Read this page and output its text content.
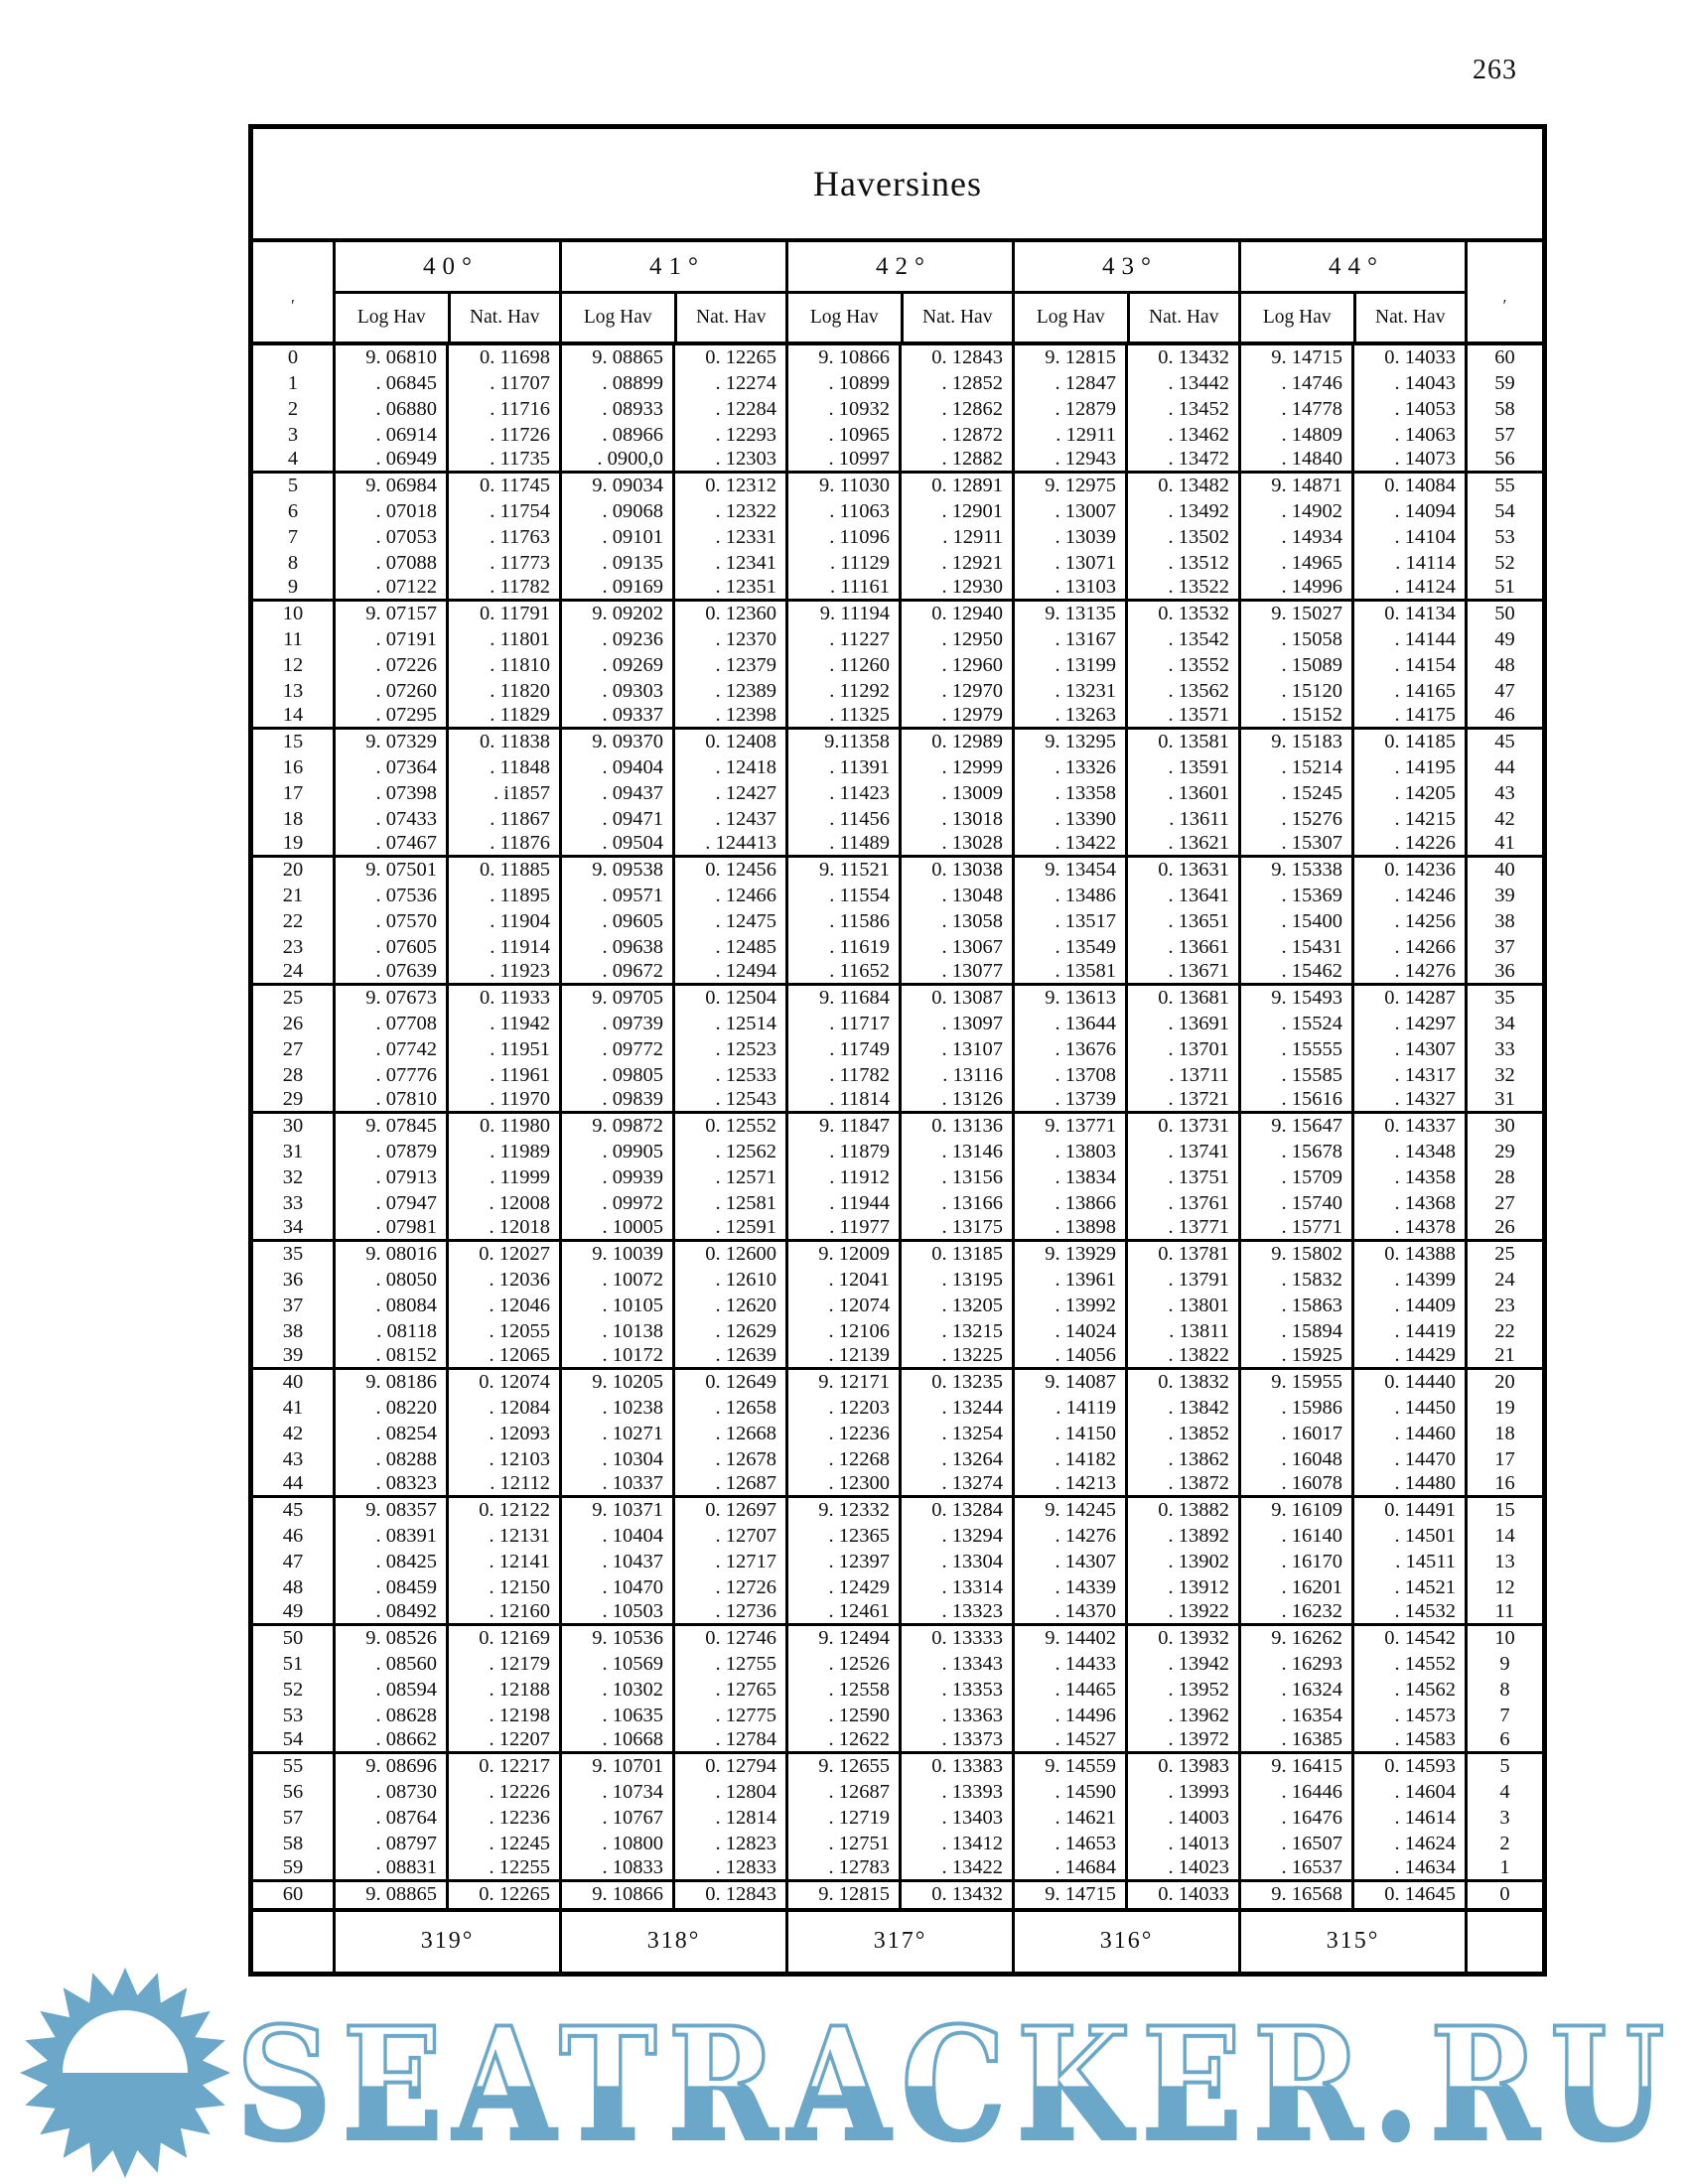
263
Haversines
′
40°
Log Hav	Nat. Hav
41°
Log Hav	Nat. Hav
42°
Log Hav	Nat. Hav
43°
Log Hav	Nat. Hav
44°
Log Hav	Nat. Hav
′
0	9. 06810	0. 11698	9. 08865	0. 12265	9. 10866	0. 12843	9. 12815	0. 13432	9. 14715	0. 14033	60
1	. 06845	. 11707	. 08899	. 12274	. 10899	. 12852	. 12847	. 13442	. 14746	. 14043	59
2	. 06880	. 11716	. 08933	. 12284	. 10932	. 12862	. 12879	. 13452	. 14778	. 14053	58
3	. 06914	. 11726	. 08966	. 12293	. 10965	. 12872	. 12911	. 13462	. 14809	. 14063	57
4	. 06949	. 11735	. 0900,0	. 12303	. 10997	. 12882	. 12943	. 13472	. 14840	. 14073	56
5	9. 06984	0. 11745	9. 09034	0. 12312	9. 11030	0. 12891	9. 12975	0. 13482	9. 14871	0. 14084	55
6	. 07018	. 11754	. 09068	. 12322	. 11063	. 12901	. 13007	. 13492	. 14902	. 14094	54
7	. 07053	. 11763	. 09101	. 12331	. 11096	. 12911	. 13039	. 13502	. 14934	. 14104	53
8	. 07088	. 11773	. 09135	. 12341	. 11129	. 12921	. 13071	. 13512	. 14965	. 14114	52
9	. 07122	. 11782	. 09169	. 12351	. 11161	. 12930	. 13103	. 13522	. 14996	. 14124	51
10	9. 07157	0. 11791	9. 09202	0. 12360	9. 11194	0. 12940	9. 13135	0. 13532	9. 15027	0. 14134	50
11	. 07191	. 11801	. 09236	. 12370	. 11227	. 12950	. 13167	. 13542	. 15058	. 14144	49
12	. 07226	. 11810	. 09269	. 12379	. 11260	. 12960	. 13199	. 13552	. 15089	. 14154	48
13	. 07260	. 11820	. 09303	. 12389	. 11292	. 12970	. 13231	. 13562	. 15120	. 14165	47
14	. 07295	. 11829	. 09337	. 12398	. 11325	. 12979	. 13263	. 13571	. 15152	. 14175	46
15	9. 07329	0. 11838	9. 09370	0. 12408	9.11358	0. 12989	9. 13295	0. 13581	9. 15183	0. 14185	45
16	. 07364	. 11848	. 09404	. 12418	. 11391	. 12999	. 13326	. 13591	. 15214	. 14195	44
17	. 07398	. i1857	. 09437	. 12427	. 11423	. 13009	. 13358	. 13601	. 15245	. 14205	43
18	. 07433	. 11867	. 09471	. 12437	. 11456	. 13018	. 13390	. 13611	. 15276	. 14215	42
19	. 07467	. 11876	. 09504	. 124413	. 11489	. 13028	. 13422	. 13621	. 15307	. 14226	41
20	9. 07501	0. 11885	9. 09538	0. 12456	9. 11521	0. 13038	9. 13454	0. 13631	9. 15338	0. 14236	40
21	. 07536	. 11895	. 09571	. 12466	. 11554	. 13048	. 13486	. 13641	. 15369	. 14246	39
22	. 07570	. 11904	. 09605	. 12475	. 11586	. 13058	. 13517	. 13651	. 15400	. 14256	38
23	. 07605	. 11914	. 09638	. 12485	. 11619	. 13067	. 13549	. 13661	. 15431	. 14266	37
24	. 07639	. 11923	. 09672	. 12494	. 11652	. 13077	. 13581	. 13671	. 15462	. 14276	36
25	9. 07673	0. 11933	9. 09705	0. 12504	9. 11684	0. 13087	9. 13613	0. 13681	9. 15493	0. 14287	35
26	. 07708	. 11942	. 09739	. 12514	. 11717	. 13097	. 13644	. 13691	. 15524	. 14297	34
27	. 07742	. 11951	. 09772	. 12523	. 11749	. 13107	. 13676	. 13701	. 15555	. 14307	33
28	. 07776	. 11961	. 09805	. 12533	. 11782	. 13116	. 13708	. 13711	. 15585	. 14317	32
29	. 07810	. 11970	. 09839	. 12543	. 11814	. 13126	. 13739	. 13721	. 15616	. 14327	31
30	9. 07845	0. 11980	9. 09872	0. 12552	9. 11847	0. 13136	9. 13771	0. 13731	9. 15647	0. 14337	30
31	. 07879	. 11989	. 09905	. 12562	. 11879	. 13146	. 13803	. 13741	. 15678	. 14348	29
32	. 07913	. 11999	. 09939	. 12571	. 11912	. 13156	. 13834	. 13751	. 15709	. 14358	28
33	. 07947	. 12008	. 09972	. 12581	. 11944	. 13166	. 13866	. 13761	. 15740	. 14368	27
34	. 07981	. 12018	. 10005	. 12591	. 11977	. 13175	. 13898	. 13771	. 15771	. 14378	26
35	9. 08016	0. 12027	9. 10039	0. 12600	9. 12009	0. 13185	9. 13929	0. 13781	9. 15802	0. 14388	25
36	. 08050	. 12036	. 10072	. 12610	. 12041	. 13195	. 13961	. 13791	. 15832	. 14399	24
37	. 08084	. 12046	. 10105	. 12620	. 12074	. 13205	. 13992	. 13801	. 15863	. 14409	23
38	. 08118	. 12055	. 10138	. 12629	. 12106	. 13215	. 14024	. 13811	. 15894	. 14419	22
39	. 08152	. 12065	. 10172	. 12639	. 12139	. 13225	. 14056	. 13822	. 15925	. 14429	21
40	9. 08186	0. 12074	9. 10205	0. 12649	9. 12171	0. 13235	9. 14087	0. 13832	9. 15955	0. 14440	20
41	. 08220	. 12084	. 10238	. 12658	. 12203	. 13244	. 14119	. 13842	. 15986	. 14450	19
42	. 08254	. 12093	. 10271	. 12668	. 12236	. 13254	. 14150	. 13852	. 16017	. 14460	18
43	. 08288	. 12103	. 10304	. 12678	. 12268	. 13264	. 14182	. 13862	. 16048	. 14470	17
44	. 08323	. 12112	. 10337	. 12687	. 12300	. 13274	. 14213	. 13872	. 16078	. 14480	16
45	9. 08357	0. 12122	9. 10371	0. 12697	9. 12332	0. 13284	9. 14245	0. 13882	9. 16109	0. 14491	15
46	. 08391	. 12131	. 10404	. 12707	. 12365	. 13294	. 14276	. 13892	. 16140	. 14501	14
47	. 08425	. 12141	. 10437	. 12717	. 12397	. 13304	. 14307	. 13902	. 16170	. 14511	13
48	. 08459	. 12150	. 10470	. 12726	. 12429	. 13314	. 14339	. 13912	. 16201	. 14521	12
49	. 08492	. 12160	. 10503	. 12736	. 12461	. 13323	. 14370	. 13922	. 16232	. 14532	11
50	9. 08526	0. 12169	9. 10536	0. 12746	9. 12494	0. 13333	9. 14402	0. 13932	9. 16262	0. 14542	10
51	. 08560	. 12179	. 10569	. 12755	. 12526	. 13343	. 14433	. 13942	. 16293	. 14552	9
52	. 08594	. 12188	. 10302	. 12765	. 12558	. 13353	. 14465	. 13952	. 16324	. 14562	8
53	. 08628	. 12198	. 10635	. 12775	. 12590	. 13363	. 14496	. 13962	. 16354	. 14573	7
54	. 08662	. 12207	. 10668	. 12784	. 12622	. 13373	. 14527	. 13972	. 16385	. 14583	6
55	9. 08696	0. 12217	9. 10701	0. 12794	9. 12655	0. 13383	9. 14559	0. 13983	9. 16415	0. 14593	5
56	. 08730	. 12226	. 10734	. 12804	. 12687	. 13393	. 14590	. 13993	. 16446	. 14604	4
57	. 08764	. 12236	. 10767	. 12814	. 12719	. 13403	. 14621	. 14003	. 16476	. 14614	3
58	. 08797	. 12245	. 10800	. 12823	. 12751	. 13412	. 14653	. 14013	. 16507	. 14624	2
59	. 08831	. 12255	. 10833	. 12833	. 12783	. 13422	. 14684	. 14023	. 16537	. 14634	1
60	9. 08865	0. 12265	9. 10866	0. 12843	9. 12815	0. 13432	9. 14715	0. 14033	9. 16568	0. 14645	0
319°	318°	317°	316°	315°
SEATRACKER.RU
